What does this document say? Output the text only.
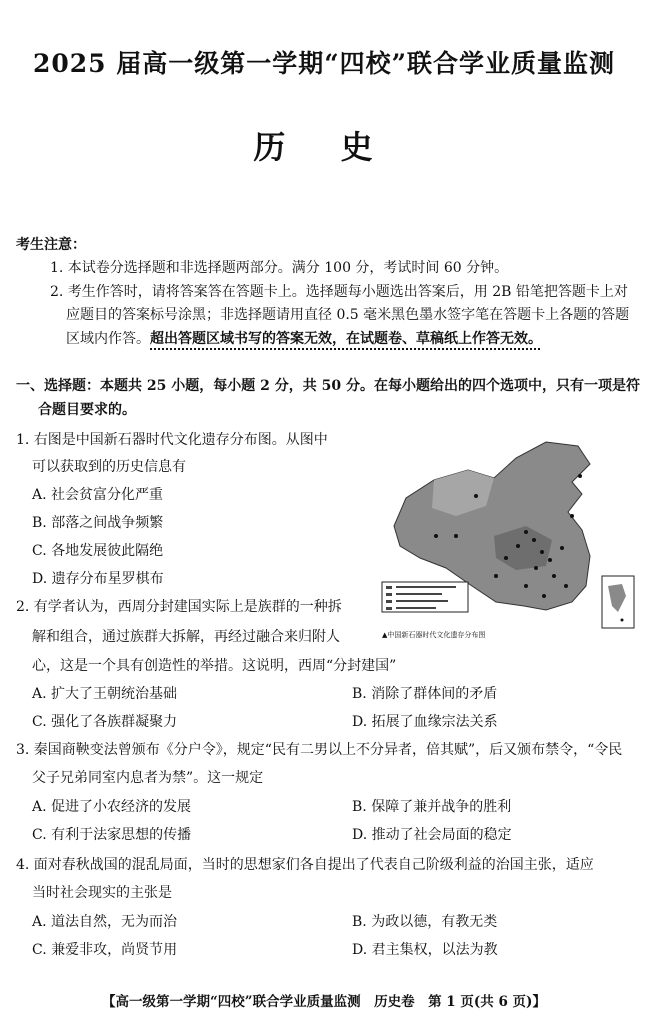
2025 届高一级第一学期“四校”联合学业质量监测
历 史
考生注意：
1. 本试卷分选择题和非选择题两部分。满分 100 分，考试时间 60 分钟。
2. 考生作答时，请将答案答在答题卡上。选择题每小题选出答案后，用 2B 铅笔把答题卡上对
应题目的答案标号涂黑；非选择题请用直径 0.5 毫米黑色墨水签字笔在答题卡上各题的答题
区域内作答。超出答题区域书写的答案无效，在试题卷、草稿纸上作答无效。
一、选择题：本题共 25 小题，每小题 2 分，共 50 分。在每小题给出的四个选项中，只有一项是符
合题目要求的。
1. 右图是中国新石器时代文化遗存分布图。从图中
可以获取到的历史信息有
A. 社会贫富分化严重
B. 部落之间战争频繁
C. 各地发展彼此隔绝
D. 遗存分布星罗棋布
▲中国新石器时代文化遗存分布图
2. 有学者认为，西周分封建国实际上是族群的一种拆
解和组合，通过族群大拆解，再经过融合来归附人
心，这是一个具有创造性的举措。这说明，西周“分封建国”
A. 扩大了王朝统治基础	B. 消除了群体间的矛盾
C. 强化了各族群凝聚力	D. 拓展了血缘宗法关系
3. 秦国商鞅变法曾颁布《分户令》，规定“民有二男以上不分异者，倍其赋”，后又颁布禁令，“令民
父子兄弟同室内息者为禁”。这一规定
A. 促进了小农经济的发展	B. 保障了兼并战争的胜利
C. 有利于法家思想的传播	D. 推动了社会局面的稳定
4. 面对春秋战国的混乱局面，当时的思想家们各自提出了代表自己阶级利益的治国主张，适应
当时社会现实的主张是
A. 道法自然，无为而治	B. 为政以德，有教无类
C. 兼爱非攻，尚贤节用	D. 君主集权，以法为教
【高一级第一学期“四校”联合学业质量监测　历史卷　第 1 页(共 6 页)】
